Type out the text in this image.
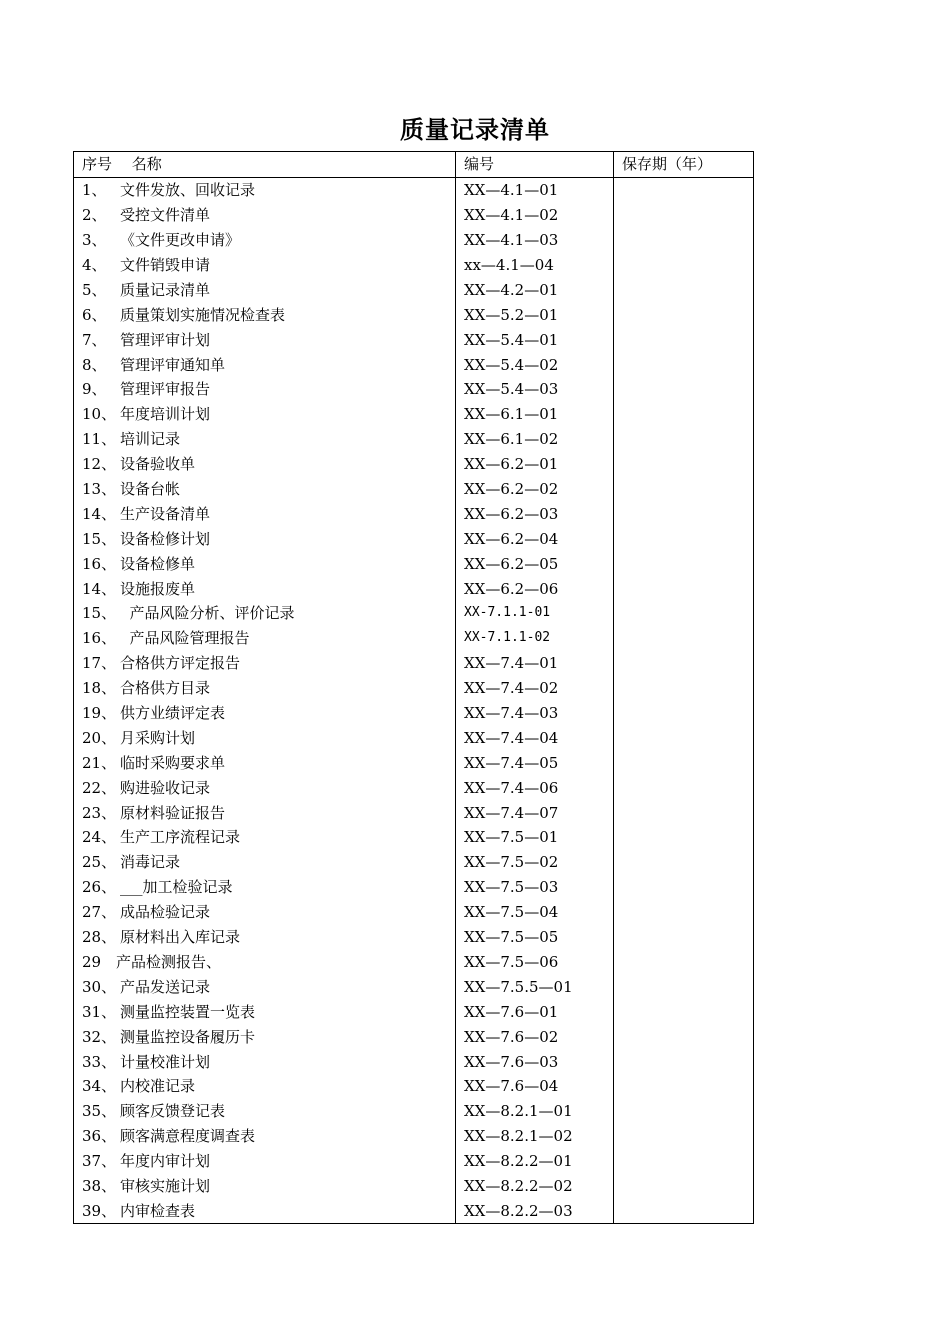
质量记录清单
序号　 名称	编号	保存期（年）
1、 文件发放、回收记录	XX—4.1—01	
2、 受控文件清单	XX—4.1—02	
3、 《文件更改申请》	XX—4.1—03	
4、 文件销毁申请	xx—4.1—04	
5、 质量记录清单	XX—4.2—01	
6、 质量策划实施情况检查表	XX—5.2—01	
7、 管理评审计划	XX—5.4—01	
8、 管理评审通知单	XX—5.4—02	
9、 管理评审报告	XX—5.4—03	
10、 年度培训计划	XX—6.1—01	
11、 培训记录	XX—6.1—02	
12、 设备验收单	XX—6.2—01	
13、 设备台帐	XX—6.2—02	
14、 生产设备清单	XX—6.2—03	
15、 设备检修计划	XX—6.2—04	
16、 设备检修单	XX—6.2—05	
14、 设施报废单	XX—6.2—06	
15、  产品风险分析、评价记录	XX-7.1.1-01	
16、  产品风险管理报告	XX-7.1.1-02	
17、 合格供方评定报告	XX—7.4—01	
18、 合格供方目录	XX—7.4—02	
19、 供方业绩评定表	XX—7.4—03	
20、 月采购计划	XX—7.4—04	
21、 临时采购要求单	XX—7.4—05	
22、 购进验收记录	XX—7.4—06	
23、 原材料验证报告	XX—7.4—07	
24、 生产工序流程记录	XX—7.5—01	
25、 消毒记录	XX—7.5—02	
26、 ___加工检验记录	XX—7.5—03	
27、 成品检验记录	XX—7.5—04	
28、 原材料出入库记录	XX—7.5—05	
29 产品检测报告、	XX—7.5—06	
30、 产品发送记录	XX—7.5.5—01	
31、 测量监控装置一览表	XX—7.6—01	
32、 测量监控设备履历卡	XX—7.6—02	
33、 计量校准计划	XX—7.6—03	
34、 内校准记录	XX—7.6—04	
35、 顾客反馈登记表	XX—8.2.1—01	
36、 顾客满意程度调查表	XX—8.2.1—02	
37、 年度内审计划	XX—8.2.2—01	
38、 审核实施计划	XX—8.2.2—02	
39、 内审检查表	XX—8.2.2—03	
